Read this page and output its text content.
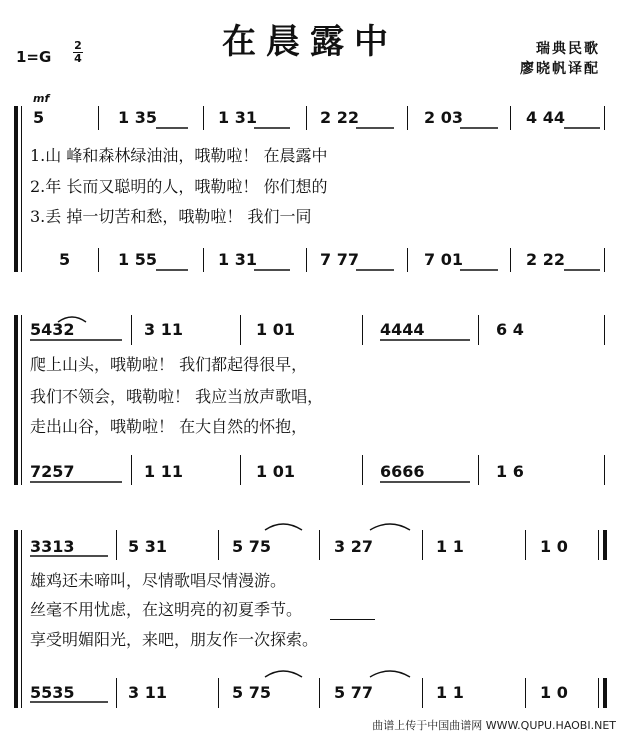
在晨露中
1=G
2
4
瑞典民歌
廖晓帆译配
mf
5	1 35	1 31	2 22	2 03	4 44
1.山 峰和森林绿油油，哦勒啦！ 在晨露中
2.年 长而又聪明的人，哦勒啦！ 你们想的
3.丢 掉一切苦和愁，哦勒啦！ 我们一同
5	1 55	1 31	7 77	7 01	2 22
5432	3 11	1 01	4444	6 4
爬上山头，哦勒啦！ 我们都起得很早，
我们不领会，哦勒啦！ 我应当放声歌唱，
走出山谷，哦勒啦！ 在大自然的怀抱，
7257	1 11	1 01	6666	1 6
3313	5 31	5 75	3 27	1 1	1 0
雄鸡还未啼叫，尽情歌唱尽情漫游。
丝毫不用忧虑，在这明亮的初夏季节。
享受明媚阳光，来吧，朋友作一次探索。
5535	3 11	5 75	5 77	1 1	1 0
曲谱上传于中国曲谱网 WWW.QUPU.HAOBI.NET
